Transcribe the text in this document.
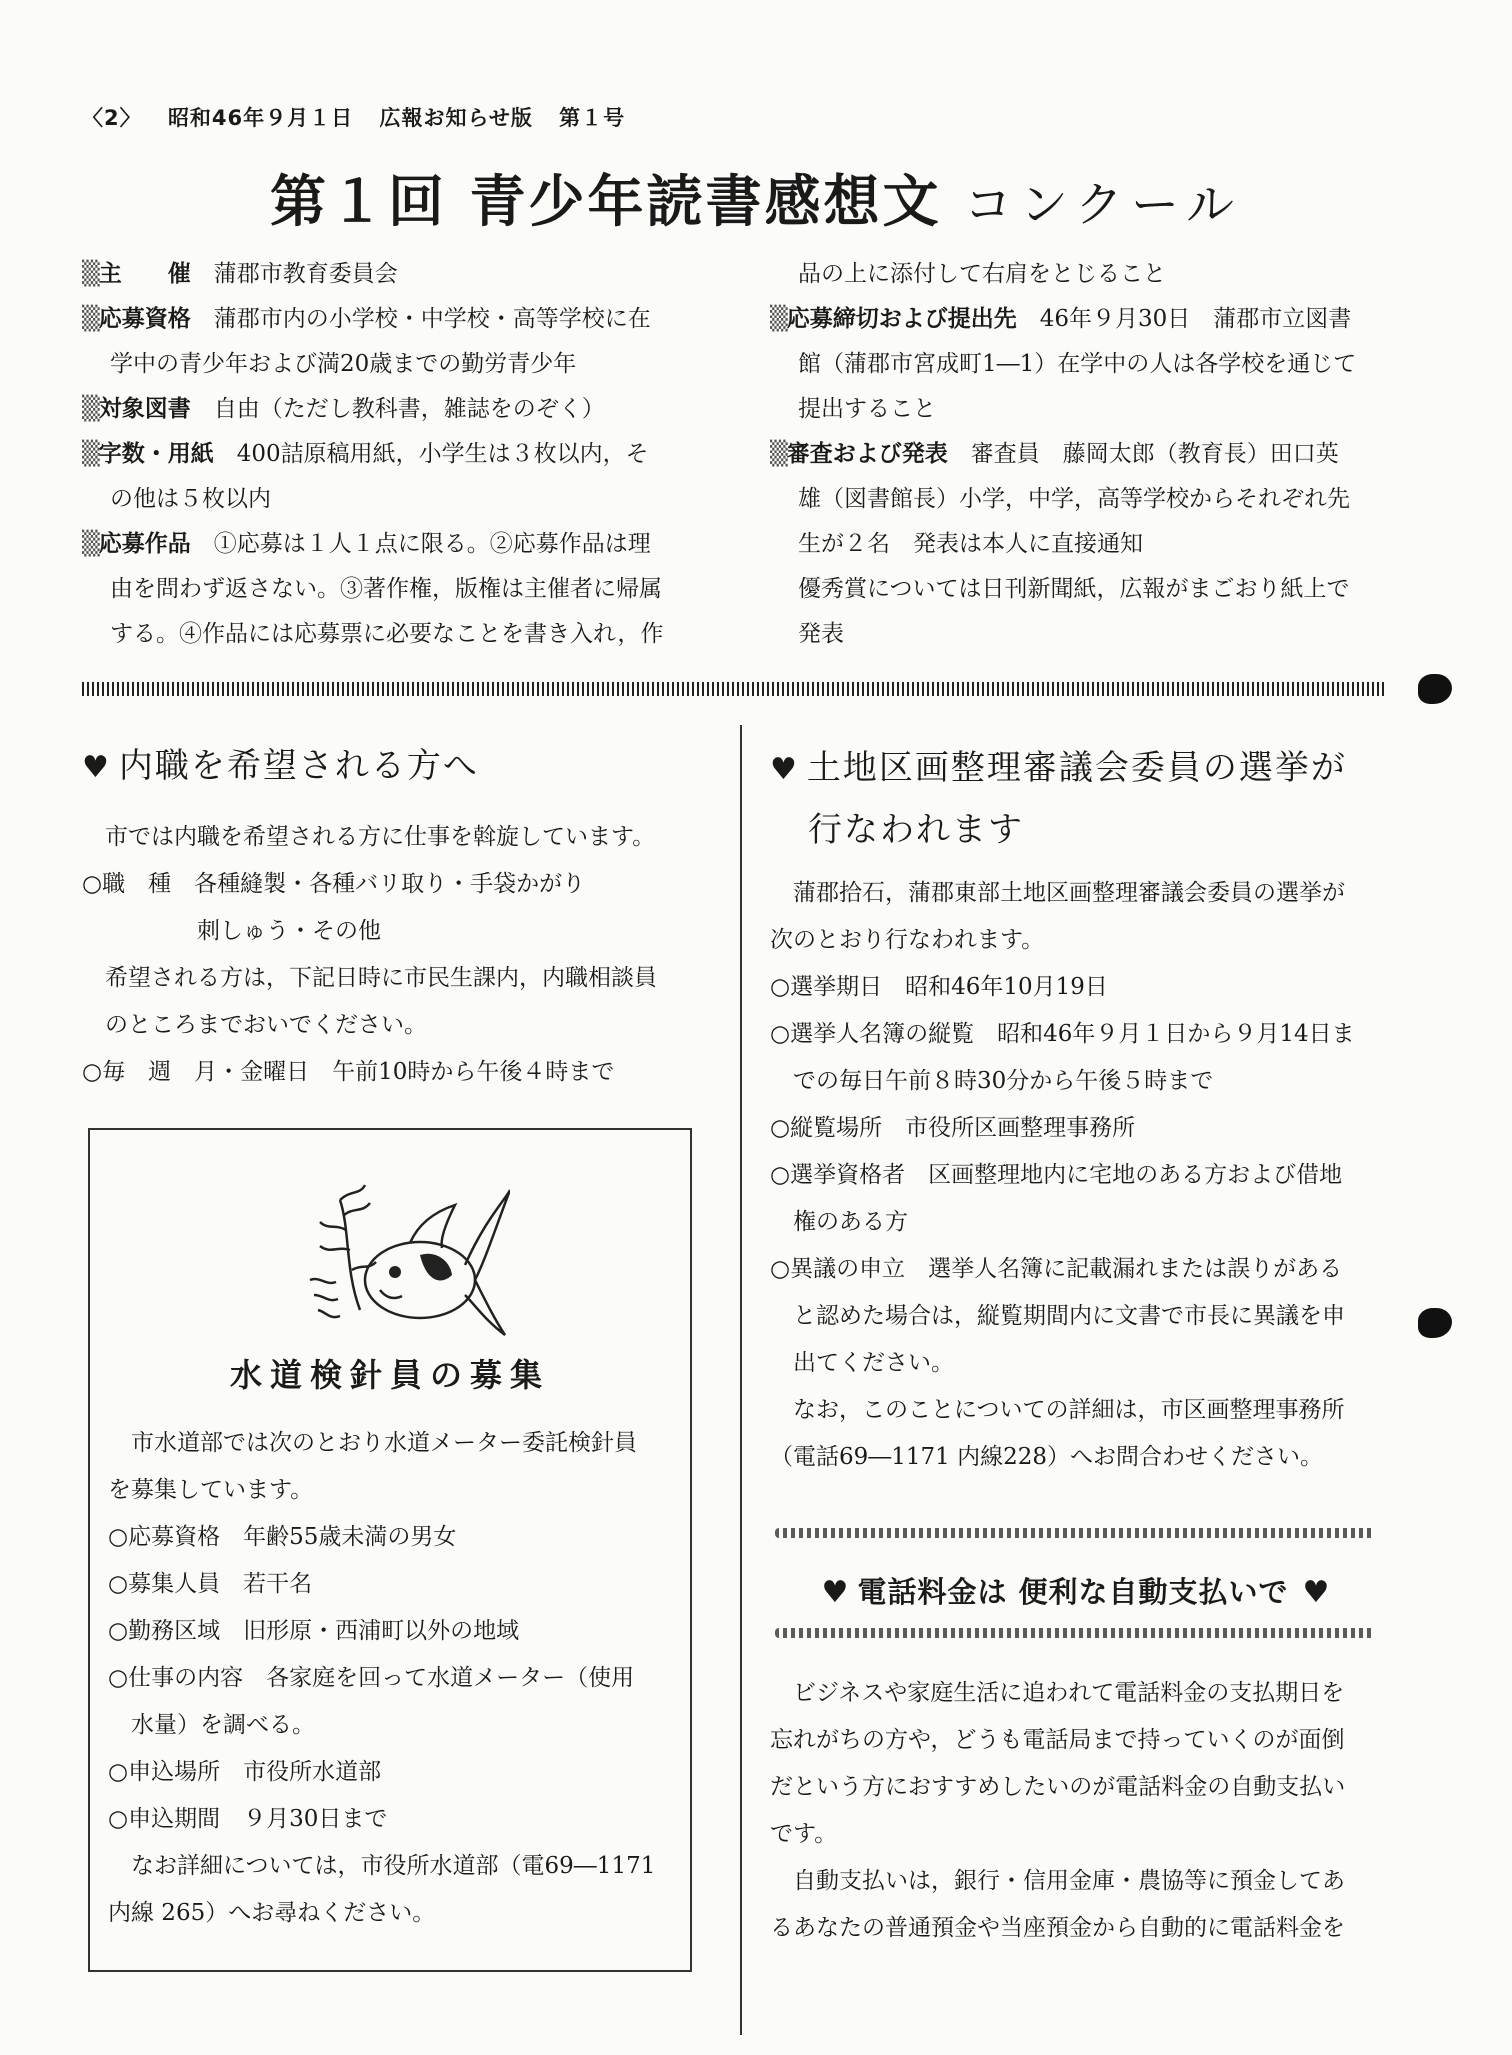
〈2〉 昭和46年９月１日 広報お知らせ版 第１号
第１回 青少年読書感想文 コンクール
▒主　　催　 蒲郡市教育委員会
▒応募資格　 蒲郡市内の小学校・中学校・高等学校に在
学中の青少年および満20歳までの勤労青少年
▒対象図書　 自由（ただし教科書，雑誌をのぞく）
▒字数・用紙　 400詰原稿用紙，小学生は３枚以内，そ
の他は５枚以内
▒応募作品　 ①応募は１人１点に限る。②応募作品は理
由を問わず返さない。③著作権，版権は主催者に帰属
する。④作品には応募票に必要なことを書き入れ，作
品の上に添付して右肩をとじること
▒応募締切および提出先　 46年９月30日　蒲郡市立図書
館（蒲郡市宮成町1―1）在学中の人は各学校を通じて
提出すること
▒審査および発表　 審査員　藤岡太郎（教育長）田口英
雄（図書館長）小学，中学，高等学校からそれぞれ先
生が２名　発表は本人に直接通知
優秀賞については日刊新聞紙，広報がまごおり紙上で
発表
♥ 内職を希望される方へ
　市では内職を希望される方に仕事を斡旋しています。
○職　種　各種縫製・各種バリ取り・手袋かがり
　　　　　刺しゅう・その他
　希望される方は，下記日時に市民生課内，内職相談員
　のところまでおいでください。
○毎　週　月・金曜日　午前10時から午後４時まで
水道検針員の募集
　市水道部では次のとおり水道メーター委託検針員
を募集しています。
○応募資格　年齢55歳未満の男女
○募集人員　若干名
○勤務区域　旧形原・西浦町以外の地域
○仕事の内容　各家庭を回って水道メーター（使用
　水量）を調べる。
○申込場所　市役所水道部
○申込期間　９月30日まで
　なお詳細については，市役所水道部（電69―1171
内線 265）へお尋ねください。
♥ 土地区画整理審議会委員の選挙が
行なわれます
　蒲郡拾石，蒲郡東部土地区画整理審議会委員の選挙が
次のとおり行なわれます。
○選挙期日　昭和46年10月19日
○選挙人名簿の縦覧　昭和46年９月１日から９月14日ま
　での毎日午前８時30分から午後５時まで
○縦覧場所　市役所区画整理事務所
○選挙資格者　区画整理地内に宅地のある方および借地
　権のある方
○異議の申立　選挙人名簿に記載漏れまたは誤りがある
　と認めた場合は，縦覧期間内に文書で市長に異議を申
　出てください。
　なお，このことについての詳細は，市区画整理事務所
（電話69―1171 内線228）へお問合わせください。
♥ 電話料金は 便利な自動支払いで ♥
　ビジネスや家庭生活に追われて電話料金の支払期日を
忘れがちの方や，どうも電話局まで持っていくのが面倒
だという方におすすめしたいのが電話料金の自動支払い
です。
　自動支払いは，銀行・信用金庫・農協等に預金してあ
るあなたの普通預金や当座預金から自動的に電話料金を
